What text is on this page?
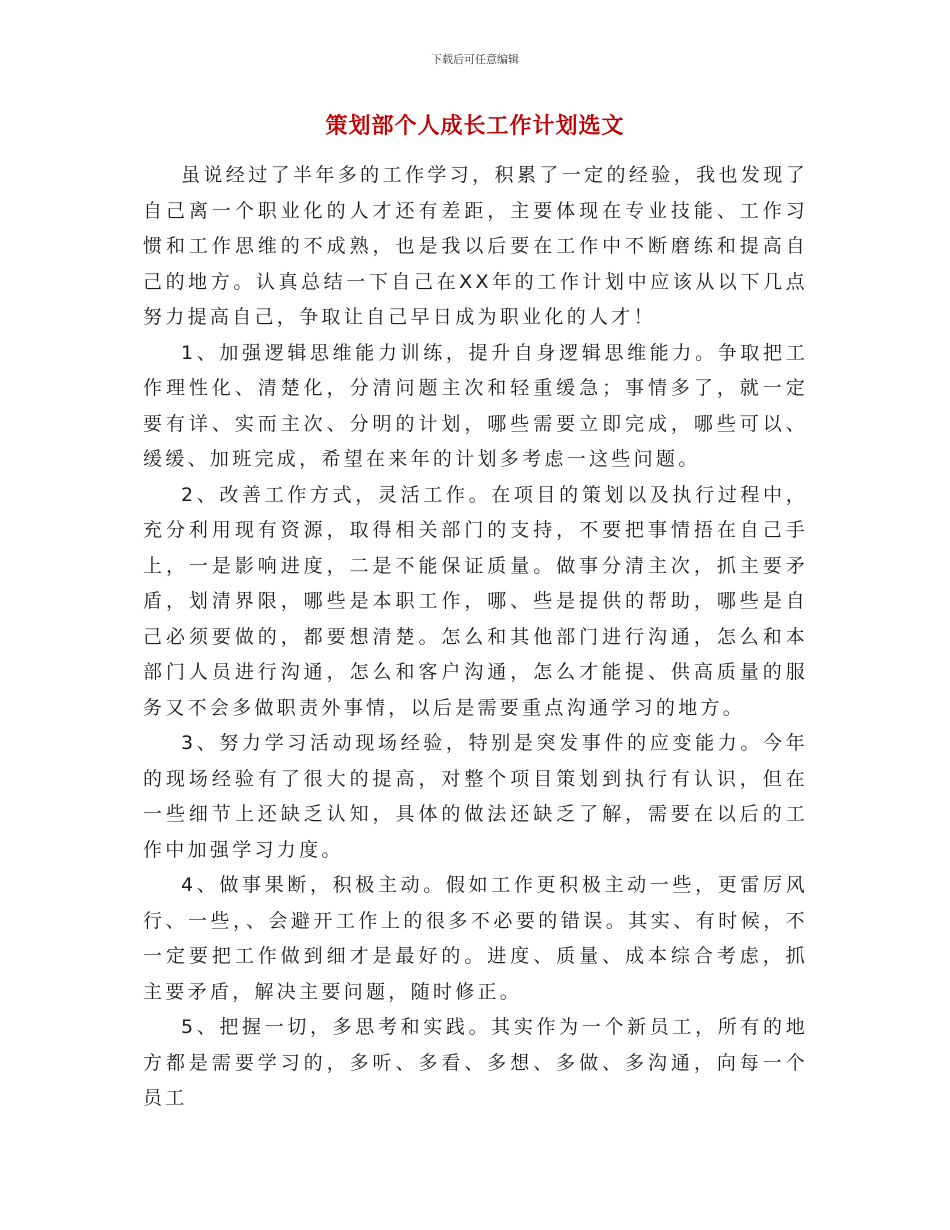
下载后可任意编辑
策划部个人成长工作计划选文

虽说经过了半年多的工作学习，积累了一定的经验，我也发现了自己离一个职业化的人才还有差距，主要体现在专业技能、工作习惯和工作思维的不成熟，也是我以后要在工作中不断磨练和提高自己的地方。认真总结一下自己在XX年的工作计划中应该从以下几点努力提高自己，争取让自己早日成为职业化的人才！

1、加强逻辑思维能力训练，提升自身逻辑思维能力。争取把工作理性化、清楚化，分清问题主次和轻重缓急；事情多了，就一定要有详、实而主次、分明的计划，哪些需要立即完成，哪些可以、缓缓、加班完成，希望在来年的计划多考虑一这些问题。

2、改善工作方式，灵活工作。在项目的策划以及执行过程中，充分利用现有资源，取得相关部门的支持，不要把事情捂在自己手上，一是影响进度，二是不能保证质量。做事分清主次，抓主要矛盾，划清界限，哪些是本职工作，哪、些是提供的帮助，哪些是自己必须要做的，都要想清楚。怎么和其他部门进行沟通，怎么和本部门人员进行沟通，怎么和客户沟通，怎么才能提、供高质量的服务又不会多做职责外事情，以后是需要重点沟通学习的地方。

3、努力学习活动现场经验，特别是突发事件的应变能力。今年的现场经验有了很大的提高，对整个项目策划到执行有认识，但在一些细节上还缺乏认知，具体的做法还缺乏了解，需要在以后的工作中加强学习力度。

4、做事果断，积极主动。假如工作更积极主动一些，更雷厉风行、一些，、会避开工作上的很多不必要的错误。其实、有时候，不一定要把工作做到细才是最好的。进度、质量、成本综合考虑，抓主要矛盾，解决主要问题，随时修正。

5、把握一切，多思考和实践。其实作为一个新员工，所有的地方都是需要学习的，多听、多看、多想、多做、多沟通，向每一个员工
